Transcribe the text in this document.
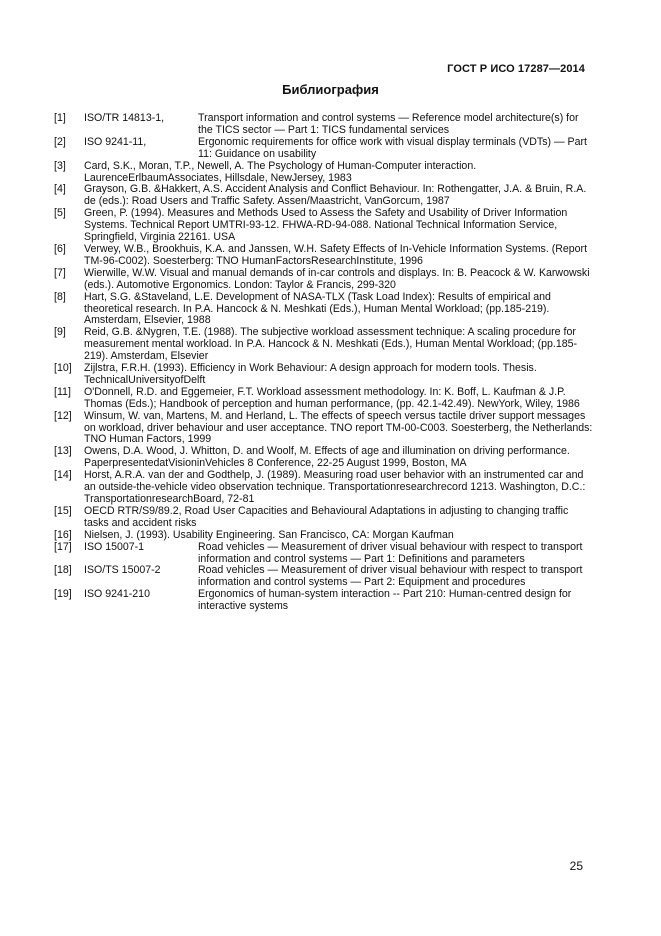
ГОСТ Р ИСО 17287—2014
Библиография
[1]	ISO/TR 14813-1,	Transport information and control systems — Reference model architecture(s) for the TICS sector — Part 1: TICS fundamental services
[2]	ISO 9241-11,	Ergonomic requirements for office work with visual display terminals (VDTs) — Part 11: Guidance on usability
[3]	Card, S.K., Moran, T.P., Newell, A. The Psychology of Human-Computer interaction. LaurenceErlbaumAssociates, Hillsdale, NewJersey, 1983
[4]	Grayson, G.B. &Hakkert, A.S. Accident Analysis and Conflict Behaviour. In: Rothengatter, J.A. & Bruin, R.A. de (eds.): Road Users and Traffic Safety. Assen/Maastricht, VanGorcum, 1987
[5]	Green, P. (1994). Measures and Methods Used to Assess the Safety and Usability of Driver Information Systems. Technical Report UMTRI-93-12. FHWA-RD-94-088. National Technical Information Service, Springfield, Virginia 22161. USA
[6]	Verwey, W.B., Brookhuis, K.A. and Janssen, W.H. Safety Effects of In-Vehicle Information Systems. (Report TM-96-C002). Soesterberg: TNO HumanFactorsResearchInstitute, 1996
[7]	Wierwille, W.W. Visual and manual demands of in-car controls and displays. In: B. Peacock & W. Karwowski (eds.). Automotive Ergonomics. London: Taylor & Francis, 299-320
[8]	Hart, S.G. &Staveland, L.E. Development of NASA-TLX (Task Load Index): Results of empirical and theoretical research. In P.A. Hancock & N. Meshkati (Eds.), Human Mental Workload; (pp.185-219). Amsterdam, Elsevier, 1988
[9]	Reid, G.B. &Nygren, T.E. (1988). The subjective workload assessment technique: A scaling procedure for measurement mental workload. In P.A. Hancock & N. Meshkati (Eds.), Human Mental Workload; (pp.185-219). Amsterdam, Elsevier
[10]	Zijlstra, F.R.H. (1993). Efficiency in Work Behaviour: A design approach for modern tools. Thesis. TechnicalUniversityofDelft
[11]	O'Donnell, R.D. and Eggemeier, F.T. Workload assessment methodology. In: K. Boff, L. Kaufman & J.P. Thomas (Eds.); Handbook of perception and human performance, (pp. 42.1-42.49). NewYork, Wiley, 1986
[12]	Winsum, W. van, Martens, M. and Herland, L. The effects of speech versus tactile driver support messages on workload, driver behaviour and user acceptance. TNO report TM-00-C003. Soesterberg, the Netherlands: TNO Human Factors, 1999
[13]	Owens, D.A. Wood, J. Whitton, D. and Woolf, M. Effects of age and illumination on driving performance. PaperpresentedatVisioninVehicles 8 Conference, 22-25 August 1999, Boston, MA
[14]	Horst, A.R.A. van der and Godthelp, J. (1989). Measuring road user behavior with an instrumented car and an outside-the-vehicle video observation technique. Transportationresearchrecord 1213. Washington, D.C.: TransportationresearchBoard, 72-81
[15]	OECD RTR/S9/89.2, Road User Capacities and Behavioural Adaptations in adjusting to changing traffic tasks and accident risks
[16]	Nielsen, J. (1993). Usability Engineering. San Francisco, CA: Morgan Kaufman
[17]	ISO 15007-1	Road vehicles — Measurement of driver visual behaviour with respect to transport information and control systems — Part 1: Definitions and parameters
[18]	ISO/TS 15007-2	Road vehicles — Measurement of driver visual behaviour with respect to transport information and control systems — Part 2: Equipment and procedures
[19]	ISO 9241-210	Ergonomics of human-system interaction -- Part 210: Human-centred design for interactive systems
25
